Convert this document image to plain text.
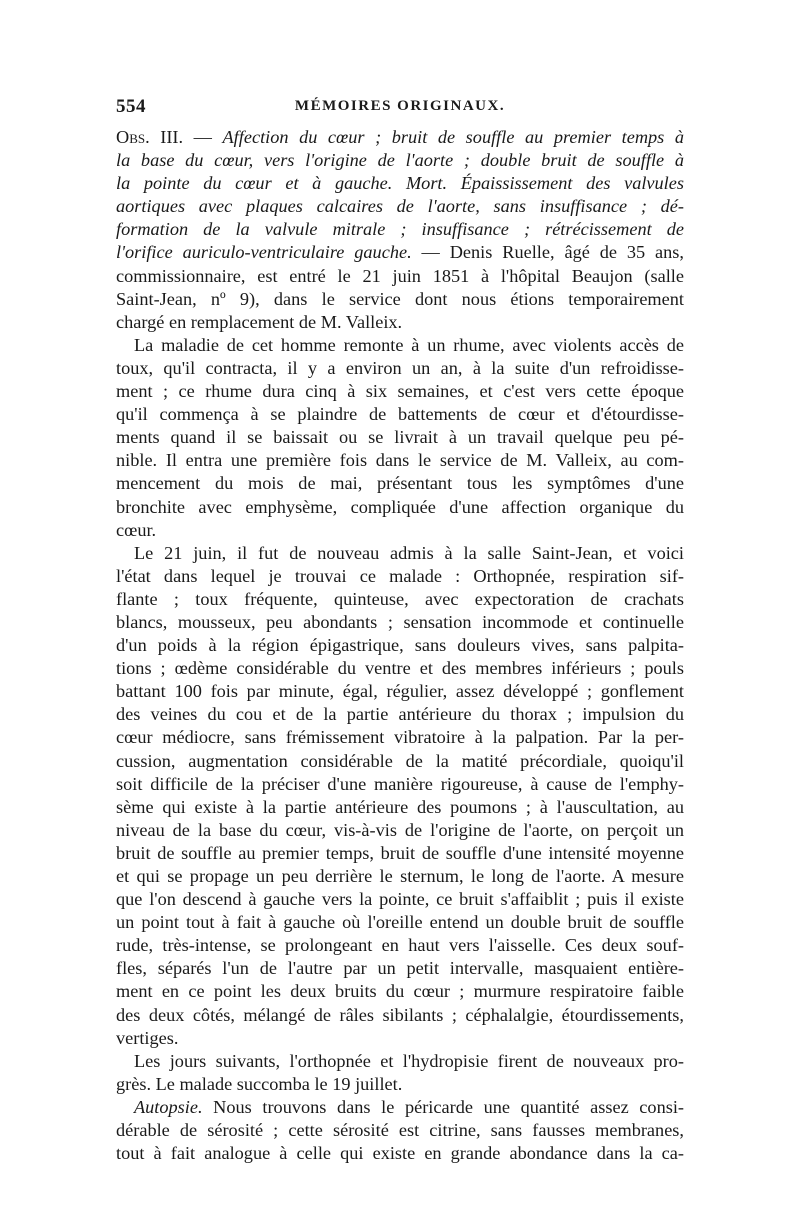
554	MÉMOIRES ORIGINAUX.
Obs. III. — Affection du cœur ; bruit de souffle au premier temps à
la base du cœur, vers l'origine de l'aorte ; double bruit de souffle à
la pointe du cœur et à gauche. Mort. Épaississement des valvules
aortiques avec plaques calcaires de l'aorte, sans insuffisance ; dé-
formation de la valvule mitrale ; insuffisance ; rétrécissement de
l'orifice auriculo-ventriculaire gauche. — Denis Ruelle, âgé de 35 ans,
commissionnaire, est entré le 21 juin 1851 à l'hôpital Beaujon (salle
Saint-Jean, nº 9), dans le service dont nous étions temporairement
chargé en remplacement de M. Valleix.
La maladie de cet homme remonte à un rhume, avec violents accès de
toux, qu'il contracta, il y a environ un an, à la suite d'un refroidisse-
ment ; ce rhume dura cinq à six semaines, et c'est vers cette époque
qu'il commença à se plaindre de battements de cœur et d'étourdisse-
ments quand il se baissait ou se livrait à un travail quelque peu pé-
nible. Il entra une première fois dans le service de M. Valleix, au com-
mencement du mois de mai, présentant tous les symptômes d'une
bronchite avec emphysème, compliquée d'une affection organique du
cœur.
Le 21 juin, il fut de nouveau admis à la salle Saint-Jean, et voici
l'état dans lequel je trouvai ce malade : Orthopnée, respiration sif-
flante ; toux fréquente, quinteuse, avec expectoration de crachats
blancs, mousseux, peu abondants ; sensation incommode et continuelle
d'un poids à la région épigastrique, sans douleurs vives, sans palpita-
tions ; œdème considérable du ventre et des membres inférieurs ; pouls
battant 100 fois par minute, égal, régulier, assez développé ; gonflement
des veines du cou et de la partie antérieure du thorax ; impulsion du
cœur médiocre, sans frémissement vibratoire à la palpation. Par la per-
cussion, augmentation considérable de la matité précordiale, quoiqu'il
soit difficile de la préciser d'une manière rigoureuse, à cause de l'emphy-
sème qui existe à la partie antérieure des poumons ; à l'auscultation, au
niveau de la base du cœur, vis-à-vis de l'origine de l'aorte, on perçoit un
bruit de souffle au premier temps, bruit de souffle d'une intensité moyenne
et qui se propage un peu derrière le sternum, le long de l'aorte. A mesure
que l'on descend à gauche vers la pointe, ce bruit s'affaiblit ; puis il existe
un point tout à fait à gauche où l'oreille entend un double bruit de souffle
rude, très-intense, se prolongeant en haut vers l'aisselle. Ces deux souf-
fles, séparés l'un de l'autre par un petit intervalle, masquaient entière-
ment en ce point les deux bruits du cœur ; murmure respiratoire faible
des deux côtés, mélangé de râles sibilants ; céphalalgie, étourdissements,
vertiges.
Les jours suivants, l'orthopnée et l'hydropisie firent de nouveaux pro-
grès. Le malade succomba le 19 juillet.
Autopsie. Nous trouvons dans le péricarde une quantité assez consi-
dérable de sérosité ; cette sérosité est citrine, sans fausses membranes,
tout à fait analogue à celle qui existe en grande abondance dans la ca-
